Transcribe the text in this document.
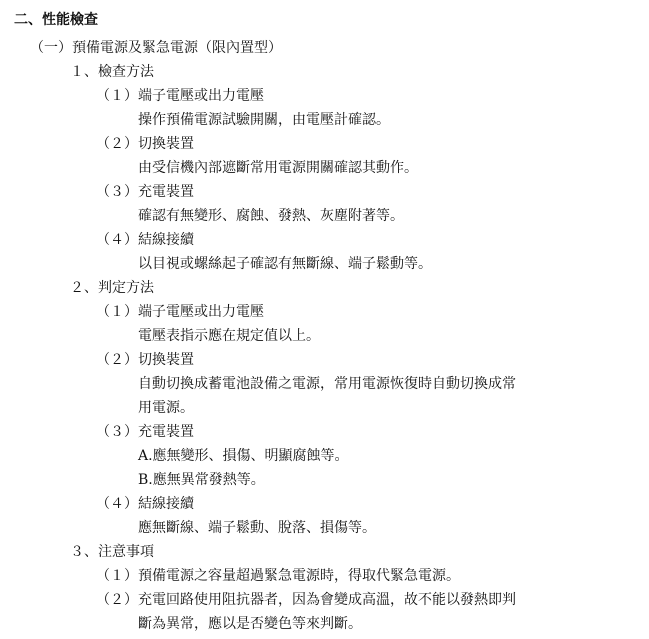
二、性能檢查
（一）預備電源及緊急電源（限內置型）
１、檢查方法
（１）端子電壓或出力電壓
操作預備電源試驗開關，由電壓計確認。
（２）切換裝置
由受信機內部遮斷常用電源開關確認其動作。
（３）充電裝置
確認有無變形、腐蝕、發熱、灰塵附著等。
（４）結線接續
以目視或螺絲起子確認有無斷線、端子鬆動等。
２、判定方法
（１）端子電壓或出力電壓
電壓表指示應在規定值以上。
（２）切換裝置
自動切換成蓄電池設備之電源，常用電源恢復時自動切換成常
用電源。
（３）充電裝置
A.應無變形、損傷、明顯腐蝕等。
B.應無異常發熱等。
（４）結線接續
應無斷線、端子鬆動、脫落、損傷等。
３、注意事項
（１）預備電源之容量超過緊急電源時，得取代緊急電源。
（２）充電回路使用阻抗器者，因為會變成高溫，故不能以發熱即判
斷為異常，應以是否變色等來判斷。
